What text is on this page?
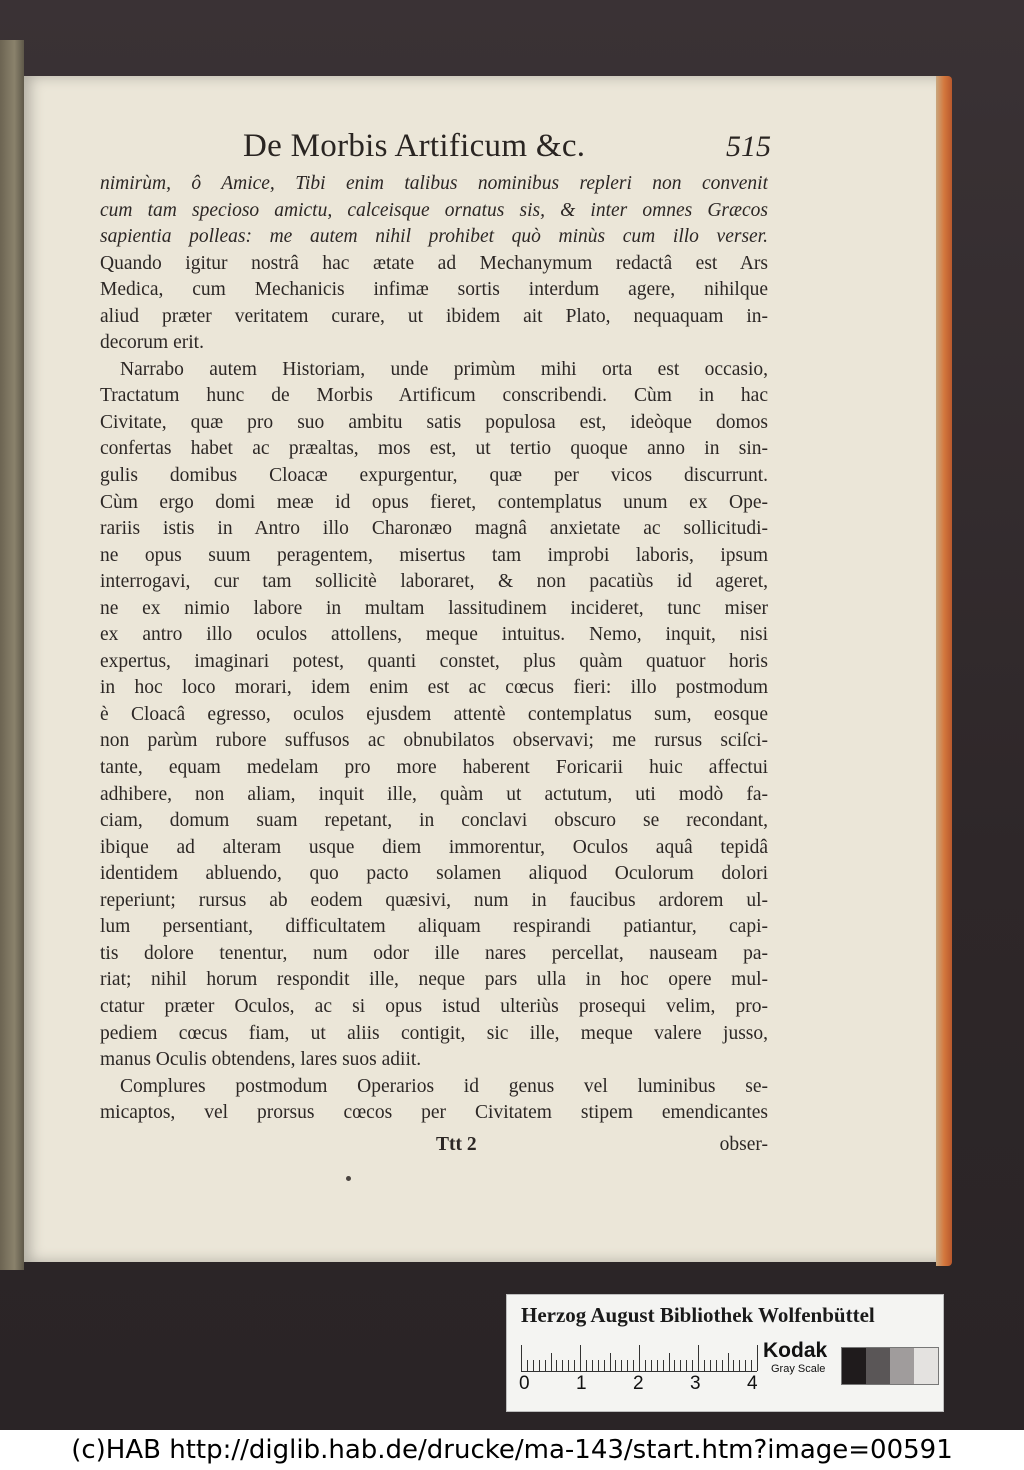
De Morbis Artificum &c.	515
nimirùm, ô Amice, Tibi enim talibus nominibus repleri non convenit
cum tam specioso amictu, calceisque ornatus sis, & inter omnes Græcos
sapientia polleas: me autem nihil prohibet quò minùs cum illo verser.
Quando igitur nostrâ hac ætate ad Mechanymum redactâ est Ars
Medica, cum Mechanicis infimæ sortis interdum agere, nihilque
aliud præter veritatem curare, ut ibidem ait Plato, nequaquam in-
decorum erit.
Narrabo autem Historiam, unde primùm mihi orta est occasio,
Tractatum hunc de Morbis Artificum conscribendi. Cùm in hac
Civitate, quæ pro suo ambitu satis populosa est, ideòque domos
confertas habet ac præaltas, mos est, ut tertio quoque anno in sin-
gulis domibus Cloacæ expurgentur, quæ per vicos discurrunt.
Cùm ergo domi meæ id opus fieret, contemplatus unum ex Ope-
rariis istis in Antro illo Charonæo magnâ anxietate ac sollicitudi-
ne opus suum peragentem, misertus tam improbi laboris, ipsum
interrogavi, cur tam sollicitè laboraret, & non pacatiùs id ageret,
ne ex nimio labore in multam lassitudinem incideret, tunc miser
ex antro illo oculos attollens, meque intuitus. Nemo, inquit, nisi
expertus, imaginari potest, quanti constet, plus quàm quatuor horis
in hoc loco morari, idem enim est ac cœcus fieri: illo postmodum
è Cloacâ egresso, oculos ejusdem attentè contemplatus sum, eosque
non parùm rubore suffusos ac obnubilatos observavi; me rursus sciſci-
tante, equam medelam pro more haberent Foricarii huic affectui
adhibere, non aliam, inquit ille, quàm ut actutum, uti modò fa-
ciam, domum suam repetant, in conclavi obscuro se recondant,
ibique ad alteram usque diem immorentur, Oculos aquâ tepidâ
identidem abluendo, quo pacto solamen aliquod Oculorum dolori
reperiunt; rursus ab eodem quæsivi, num in faucibus ardorem ul-
lum persentiant, difficultatem aliquam respirandi patiantur, capi-
tis dolore tenentur, num odor ille nares percellat, nauseam pa-
riat; nihil horum respondit ille, neque pars ulla in hoc opere mul-
ctatur præter Oculos, ac si opus istud ulteriùs prosequi velim, pro-
pediem cœcus fiam, ut aliis contigit, sic ille, meque valere jusso,
manus Oculis obtendens, lares suos adiit.
Complures postmodum Operarios id genus vel luminibus se-
micaptos, vel prorsus cœcos per Civitatem stipem emendicantes
Ttt 2	obser-
Herzog August Bibliothek Wolfenbüttel
0 1 2 3 4
Kodak
Gray Scale
(c)HAB http://diglib.hab.de/drucke/ma-143/start.htm?image=00591
